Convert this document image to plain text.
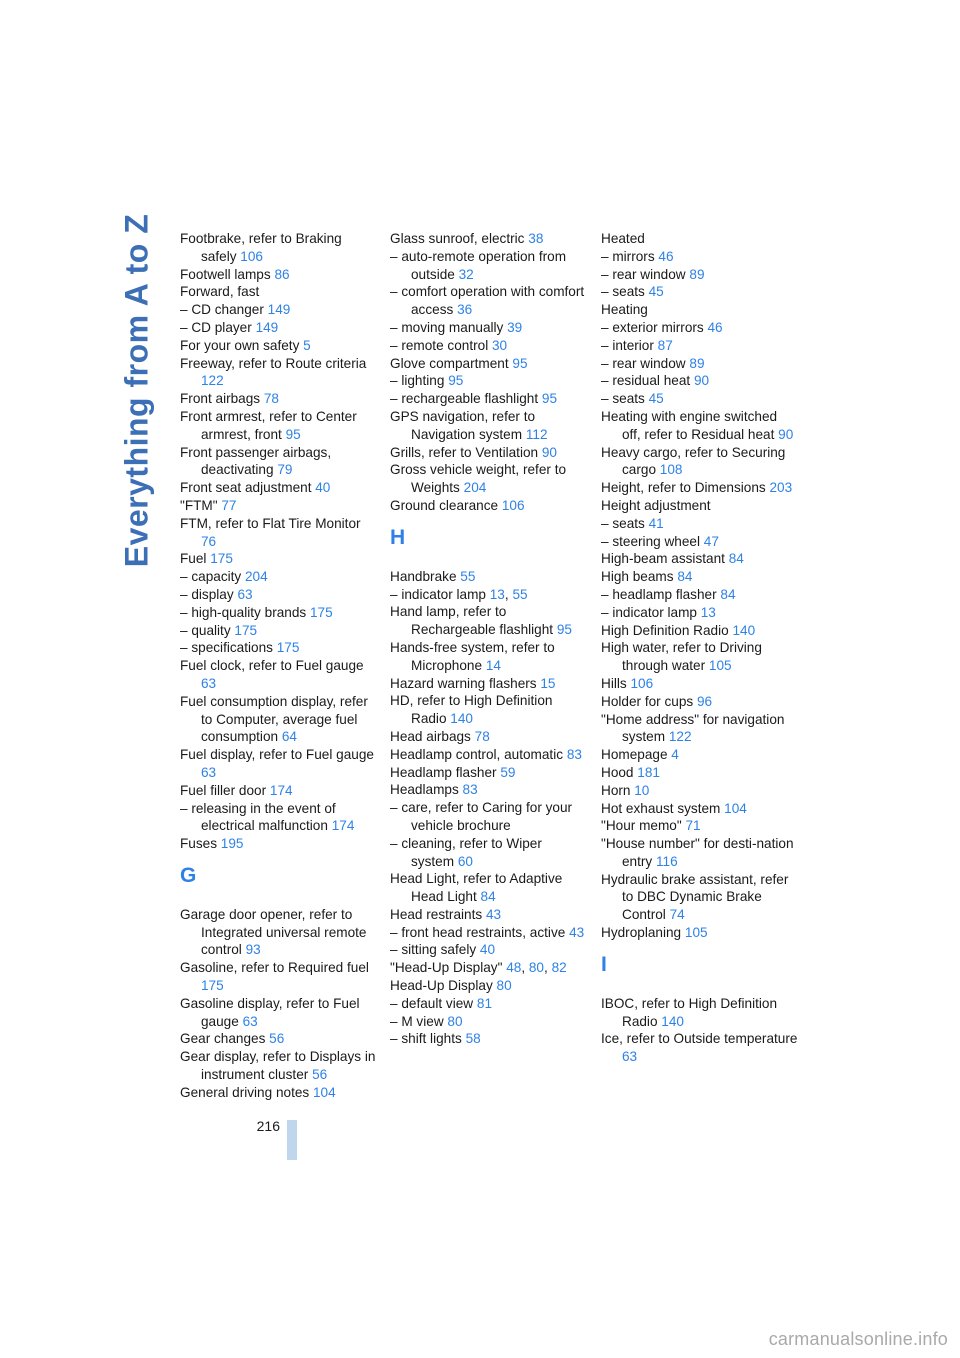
Everything from A to Z Footbrake, refer to Braking safely 106

Footwell lamps 86

Forward, fast

– CD changer 149

– CD player 149

For your own safety 5

Freeway, refer to Route criteria 122

Front airbags 78

Front armrest, refer to Center armrest, front 95

Front passenger airbags, deactivating 79

Front seat adjustment 40

"FTM" 77

FTM, refer to Flat Tire Monitor 76

Fuel 175

– capacity 204

– display 63

– high-quality brands 175

– quality 175

– specifications 175

Fuel clock, refer to Fuel gauge 63

Fuel consumption display, refer to Computer, average fuel consumption 64

Fuel display, refer to Fuel gauge 63

Fuel filler door 174

– releasing in the event of electrical malfunction 174

Fuses 195

G

Garage door opener, refer to Integrated universal remote control 93

Gasoline, refer to Required fuel 175

Gasoline display, refer to Fuel gauge 63

Gear changes 56

Gear display, refer to Displays in instrument cluster 56

General driving notes 104

Glass sunroof, electric 38

– auto-remote operation from outside 32

– comfort operation with comfort access 36

– moving manually 39

– remote control 30

Glove compartment 95

– lighting 95

– rechargeable flashlight 95

GPS navigation, refer to Navigation system 112

Grills, refer to Ventilation 90

Gross vehicle weight, refer to Weights 204

Ground clearance 106

H

Handbrake 55

– indicator lamp 13, 55

Hand lamp, refer to Rechargeable flashlight 95

Hands-free system, refer to Microphone 14

Hazard warning flashers 15

HD, refer to High Definition Radio 140

Head airbags 78

Headlamp control, automatic 83

Headlamp flasher 59

Headlamps 83

– care, refer to Caring for your vehicle brochure

– cleaning, refer to Wiper system 60

Head Light, refer to Adaptive Head Light 84

Head restraints 43

– front head restraints, active 43

– sitting safely 40

"Head-Up Display" 48, 80, 82

Head-Up Display 80

– default view 81

– M view 80

– shift lights 58

Heated

– mirrors 46

– rear window 89

– seats 45

Heating

– exterior mirrors 46

– interior 87

– rear window 89

– residual heat 90

– seats 45

Heating with engine switched off, refer to Residual heat 90

Heavy cargo, refer to Securing cargo 108

Height, refer to Dimensions 203

Height adjustment

– seats 41

– steering wheel 47

High-beam assistant 84

High beams 84

– headlamp flasher 84

– indicator lamp 13

High Definition Radio 140

High water, refer to Driving through water 105

Hills 106

Holder for cups 96

"Home address" for navigation system 122

Homepage 4

Hood 181

Horn 10

Hot exhaust system 104

"Hour memo" 71

"House number" for desti-nation entry 116

Hydraulic brake assistant, refer to DBC Dynamic Brake Control 74

Hydroplaning 105

I

IBOC, refer to High Definition Radio 140

Ice, refer to Outside temperature 63

216
carmanualsonline.info
